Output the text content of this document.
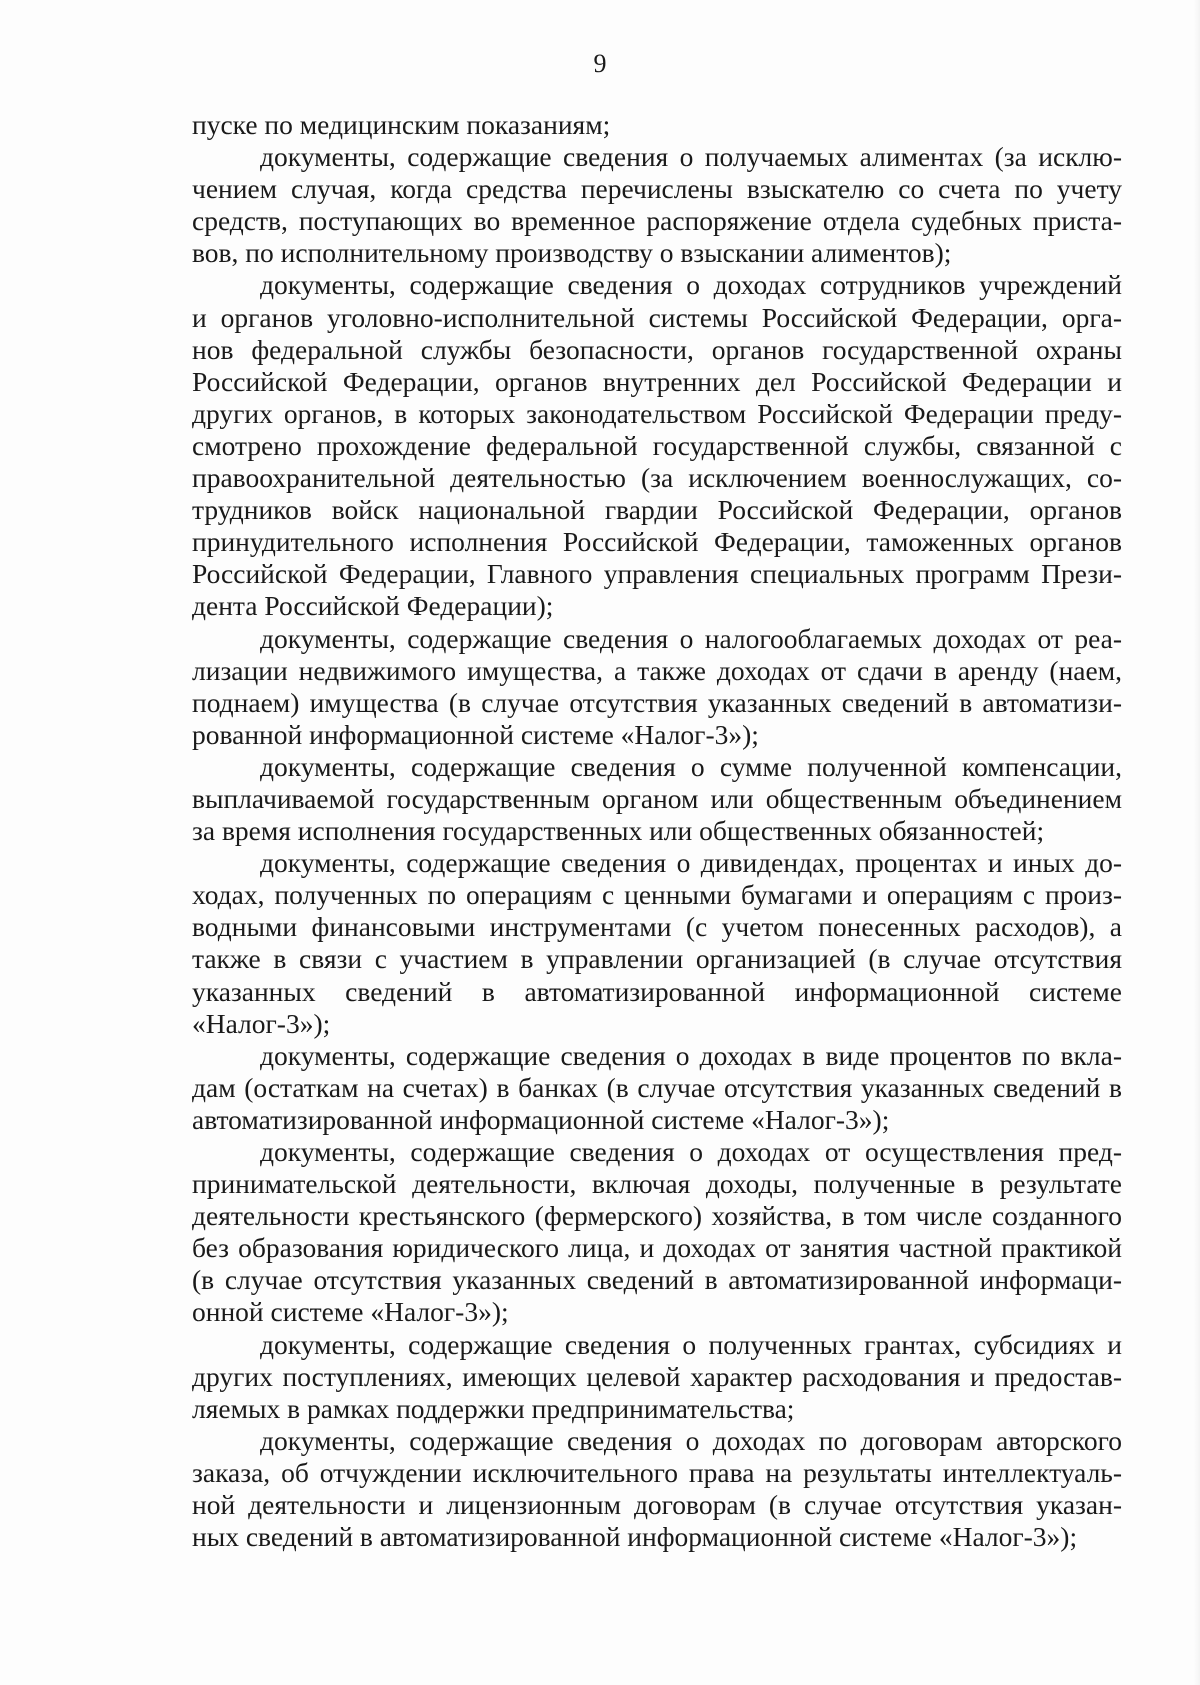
9
пуске по медицинским показаниям;
документы, содержащие сведения о получаемых алиментах (за исклю-
чением случая, когда средства перечислены взыскателю со счета по учету
средств, поступающих во временное распоряжение отдела судебных приста-
вов, по исполнительному производству о взыскании алиментов);
документы, содержащие сведения о доходах сотрудников учреждений
и органов уголовно-исполнительной системы Российской Федерации, орга-
нов федеральной службы безопасности, органов государственной охраны
Российской Федерации, органов внутренних дел Российской Федерации и
других органов, в которых законодательством Российской Федерации преду-
смотрено прохождение федеральной государственной службы, связанной с
правоохранительной деятельностью (за исключением военнослужащих, со-
трудников войск национальной гвардии Российской Федерации, органов
принудительного исполнения Российской Федерации, таможенных органов
Российской Федерации, Главного управления специальных программ Прези-
дента Российской Федерации);
документы, содержащие сведения о налогооблагаемых доходах от реа-
лизации недвижимого имущества, а также доходах от сдачи в аренду (наем,
поднаем) имущества (в случае отсутствия указанных сведений в автоматизи-
рованной информационной системе «Налог-3»);
документы, содержащие сведения о сумме полученной компенсации,
выплачиваемой государственным органом или общественным объединением
за время исполнения государственных или общественных обязанностей;
документы, содержащие сведения о дивидендах, процентах и иных до-
ходах, полученных по операциям с ценными бумагами и операциям с произ-
водными финансовыми инструментами (с учетом понесенных расходов), а
также в связи с участием в управлении организацией (в случае отсутствия
указанных сведений в автоматизированной информационной системе
«Налог-3»);
документы, содержащие сведения о доходах в виде процентов по вкла-
дам (остаткам на счетах) в банках (в случае отсутствия указанных сведений в
автоматизированной информационной системе «Налог-3»);
документы, содержащие сведения о доходах от осуществления пред-
принимательской деятельности, включая доходы, полученные в результате
деятельности крестьянского (фермерского) хозяйства, в том числе созданного
без образования юридического лица, и доходах от занятия частной практикой
(в случае отсутствия указанных сведений в автоматизированной информаци-
онной системе «Налог-3»);
документы, содержащие сведения о полученных грантах, субсидиях и
других поступлениях, имеющих целевой характер расходования и предостав-
ляемых в рамках поддержки предпринимательства;
документы, содержащие сведения о доходах по договорам авторского
заказа, об отчуждении исключительного права на результаты интеллектуаль-
ной деятельности и лицензионным договорам (в случае отсутствия указан-
ных сведений в автоматизированной информационной системе «Налог-3»);
